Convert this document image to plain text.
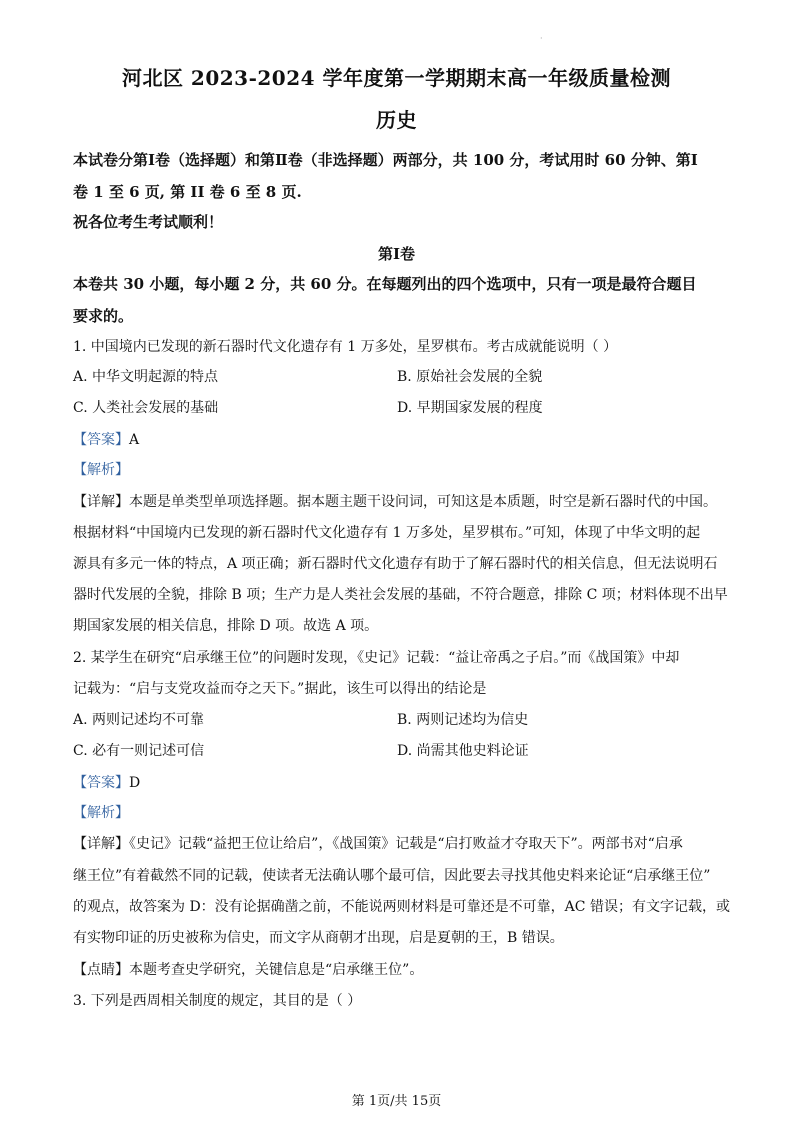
·
河北区 2023-2024 学年度第一学期期末高一年级质量检测
历史
本试卷分第Ⅰ卷（选择题）和第Ⅱ卷（非选择题）两部分，共 100 分，考试用时 60 分钟、第Ⅰ
卷 1 至 6 页, 第 II 卷 6 至 8 页.
祝各位考生考试顺利！
第Ⅰ卷
本卷共 30 小题，每小题 2 分，共 60 分。在每题列出的四个选项中，只有一项是最符合题目
要求的。
1. 中国境内已发现的新石器时代文化遗存有 1 万多处，星罗棋布。考古成就能说明（ ）
A. 中华文明起源的特点	B. 原始社会发展的全貌
C. 人类社会发展的基础	D. 早期国家发展的程度
【答案】A
【解析】
【详解】本题是单类型单项选择题。据本题主题干设问词，可知这是本质题，时空是新石器时代的中国。
根据材料“中国境内已发现的新石器时代文化遗存有 1 万多处，星罗棋布。”可知，体现了中华文明的起
源具有多元一体的特点，A 项正确；新石器时代文化遗存有助于了解石器时代的相关信息，但无法说明石
器时代发展的全貌，排除 B 项；生产力是人类社会发展的基础，不符合题意，排除 C 项；材料体现不出早
期国家发展的相关信息，排除 D 项。故选 A 项。
2. 某学生在研究“启承继王位”的问题时发现，《史记》记载：“益让帝禹之子启。”而《战国策》中却
记载为：“启与支党攻益而夺之天下。”据此，该生可以得出的结论是
A. 两则记述均不可靠	B. 两则记述均为信史
C. 必有一则记述可信	D. 尚需其他史料论证
【答案】D
【解析】
【详解】《史记》记载“益把王位让给启”，《战国策》记载是“启打败益才夺取天下”。两部书对“启承
继王位”有着截然不同的记载，使读者无法确认哪个最可信，因此要去寻找其他史料来论证“启承继王位”
的观点，故答案为 D：没有论据确凿之前，不能说两则材料是可靠还是不可靠，AC 错误；有文字记载，或
有实物印证的历史被称为信史，而文字从商朝才出现，启是夏朝的王，B 错误。
【点睛】本题考查史学研究，关键信息是“启承继王位”。
3. 下列是西周相关制度的规定，其目的是（ ）
第 1页/共 15页
